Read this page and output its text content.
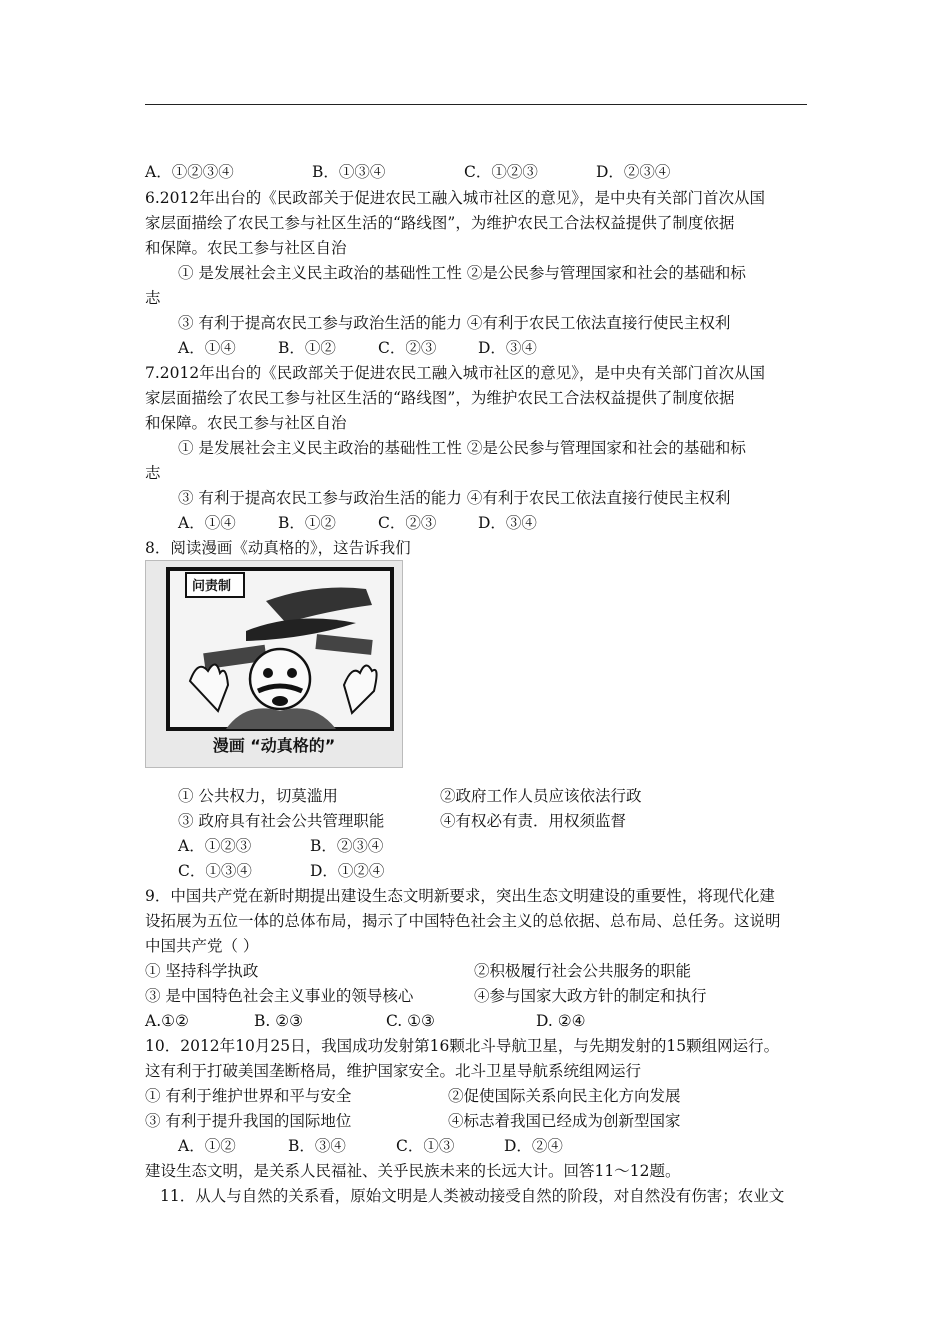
A．①②③④	B．①③④	C．①②③	D．②③④
6.2012年出台的《民政部关于促进农民工融入城市社区的意见》，是中央有关部门首次从国
家层面描绘了农民工参与社区生活的“路线图”，为维护农民工合法权益提供了制度依据
和保障。农民工参与社区自治
① 是发展社会主义民主政治的基础性工性 ②是公民参与管理国家和社会的基础和标
志
③ 有利于提高农民工参与政治生活的能力 ④有利于农民工依法直接行使民主权利
A．①④	B．①②	C．②③	D．③④
7.2012年出台的《民政部关于促进农民工融入城市社区的意见》，是中央有关部门首次从国
家层面描绘了农民工参与社区生活的“路线图”，为维护农民工合法权益提供了制度依据
和保障。农民工参与社区自治
① 是发展社会主义民主政治的基础性工性 ②是公民参与管理国家和社会的基础和标
志
③ 有利于提高农民工参与政治生活的能力 ④有利于农民工依法直接行使民主权利
A．①④	B．①②	C．②③	D．③④
8．阅读漫画《动真格的》，这告诉我们
问责制
漫画 “动真格的”
① 公共权力，切莫滥用	②政府工作人员应该依法行政
③ 政府具有社会公共管理职能	④有权必有责．用权须监督
A．①②③	B．②③④
C．①③④	D．①②④
9．中国共产党在新时期提出建设生态文明新要求，突出生态文明建设的重要性，将现代化建
设拓展为五位一体的总体布局，揭示了中国特色社会主义的总依据、总布局、总任务。这说明
中国共产党（ ）
① 坚持科学执政	②积极履行社会公共服务的职能
③ 是中国特色社会主义事业的领导核心	④参与国家大政方针的制定和执行
A.①②	B. ②③	C. ①③	D. ②④
10．2012年10月25日，我国成功发射第16颗北斗导航卫星，与先期发射的15颗组网运行。
这有利于打破美国垄断格局，维护国家安全。北斗卫星导航系统组网运行
① 有利于维护世界和平与安全	②促使国际关系向民主化方向发展
③ 有利于提升我国的国际地位	④标志着我国已经成为创新型国家
A．①②	B．③④	C．①③	D．②④
建设生态文明，是关系人民福祉、关乎民族未来的长远大计。回答11～12题。
11．从人与自然的关系看，原始文明是人类被动接受自然的阶段，对自然没有伤害；农业文
